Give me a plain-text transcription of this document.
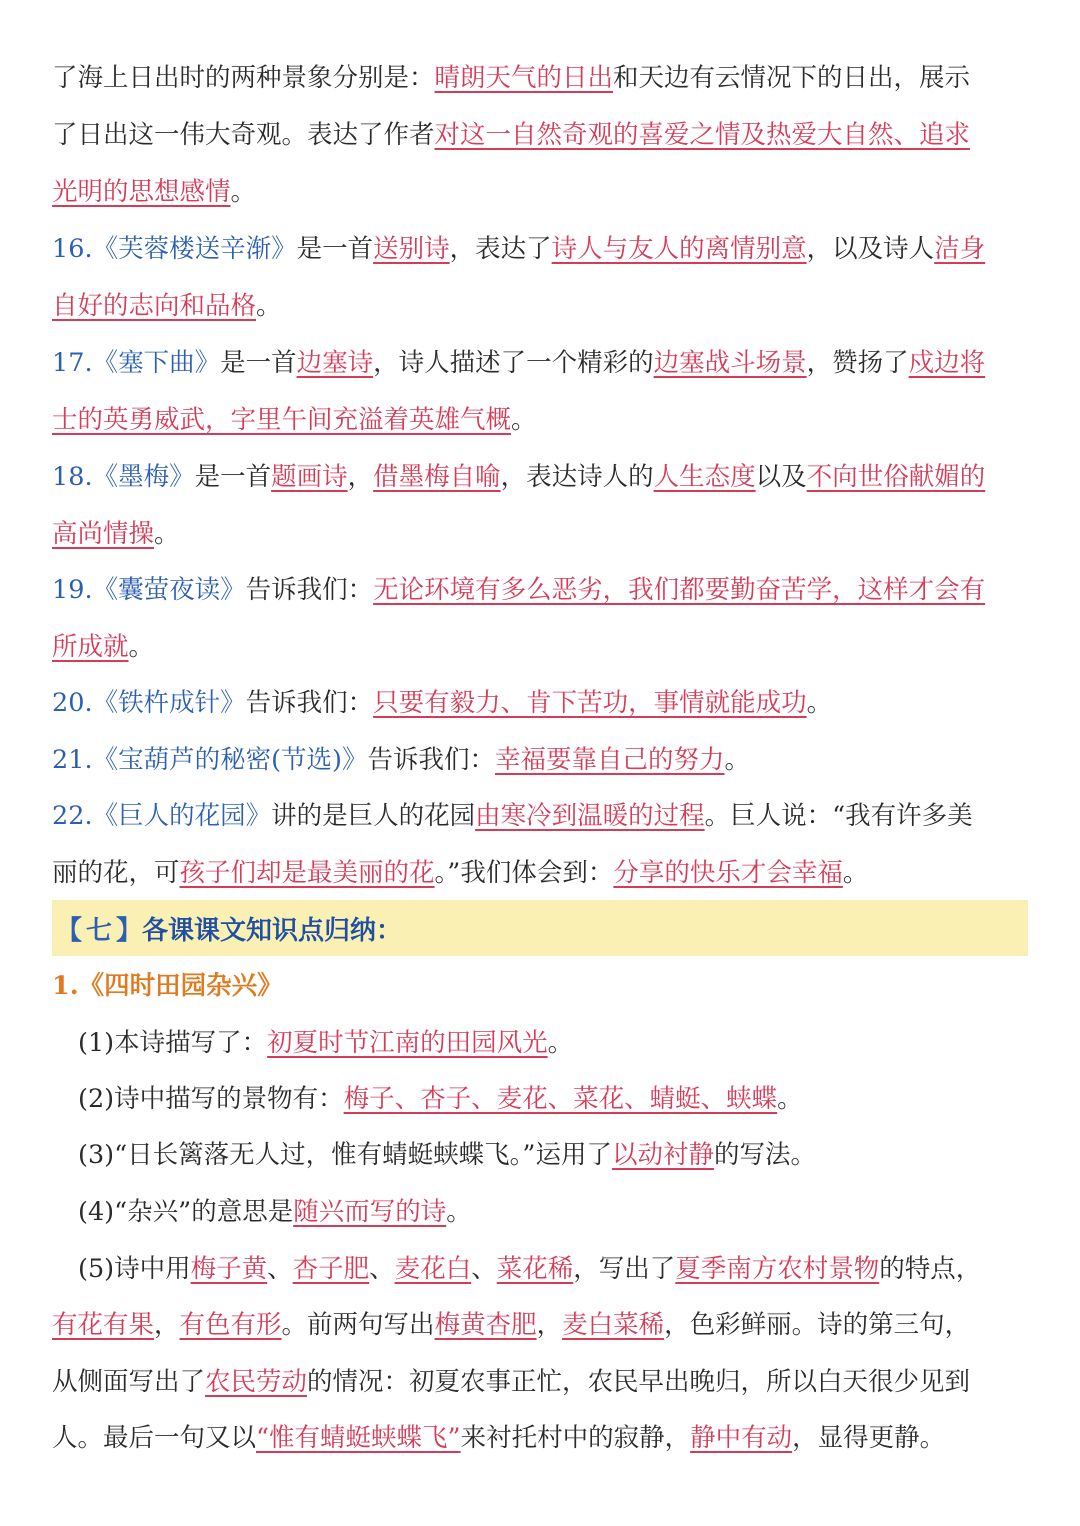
了海上日出时的两种景象分别是：晴朗天气的日出和天边有云情况下的日出，展示
了日出这一伟大奇观。表达了作者对这一自然奇观的喜爱之情及热爱大自然、追求
光明的思想感情。
16.《芙蓉楼送辛渐》是一首送别诗，表达了诗人与友人的离情别意，以及诗人洁身
自好的志向和品格。
17.《塞下曲》是一首边塞诗，诗人描述了一个精彩的边塞战斗场景，赞扬了戍边将
士的英勇威武，字里午间充溢着英雄气概。
18.《墨梅》是一首题画诗，借墨梅自喻，表达诗人的人生态度以及不向世俗献媚的
高尚情操。
19.《囊萤夜读》告诉我们：无论环境有多么恶劣，我们都要勤奋苦学，这样才会有
所成就。
20.《铁杵成针》告诉我们：只要有毅力、肯下苦功，事情就能成功。
21.《宝葫芦的秘密(节选)》告诉我们：幸福要靠自己的努力。
22.《巨人的花园》讲的是巨人的花园由寒冷到温暖的过程。巨人说：“我有许多美
丽的花，可孩子们却是最美丽的花。”我们体会到：分享的快乐才会幸福。
【 七 】 各课课文知识点归纳：
1.《四时田园杂兴》
(1)本诗描写了：初夏时节江南的田园风光。
(2)诗中描写的景物有：梅子、杏子、麦花、菜花、蜻蜓、蛱蝶。
(3)“日长篱落无人过，惟有蜻蜓蛱蝶飞。”运用了以动衬静的写法。
(4)“杂兴”的意思是随兴而写的诗。
(5)诗中用梅子黄、杏子肥、麦花白、菜花稀，写出了夏季南方农村景物的特点，
有花有果，有色有形。前两句写出梅黄杏肥，麦白菜稀，色彩鲜丽。诗的第三句，
从侧面写出了农民劳动的情况：初夏农事正忙，农民早出晚归，所以白天很少见到
人。最后一句又以“惟有蜻蜓蛱蝶飞”来衬托村中的寂静，静中有动，显得更静。
